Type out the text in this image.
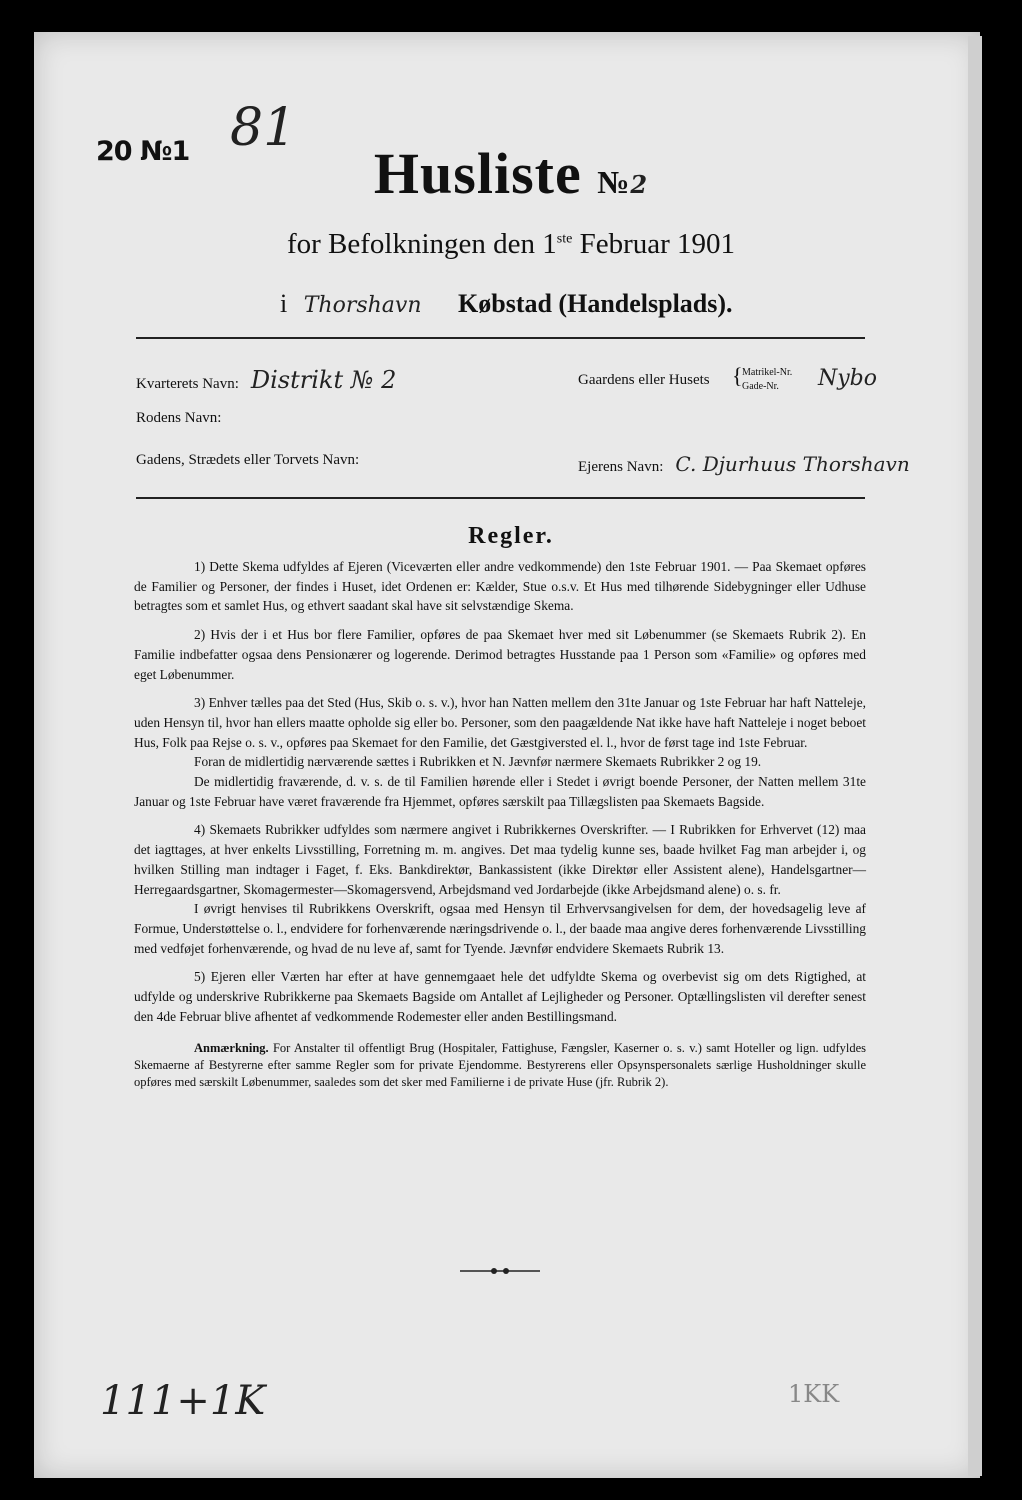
20 №1 81
Husliste №2
for Befolkningen den 1ste Februar 1901
i Thorshavn Købstad (Handelsplads).
Kvarterets Navn: Distrikt № 2
Rodens Navn:
Gadens, Strædets eller Torvets Navn:
Gaardens eller Husets { Matrikel-Nr.
Gade-Nr. Nybo
Ejerens Navn: C. Djurhuus Thorshavn
Regler.

1) Dette Skema udfyldes af Ejeren (Viceværten eller andre vedkommende) den 1ste Februar 1901. — Paa Skemaet opføres de Familier og Personer, der findes i Huset, idet Ordenen er: Kælder, Stue o.s.v. Et Hus med tilhørende Sidebygninger eller Udhuse betragtes som et samlet Hus, og ethvert saadant skal have sit selvstændige Skema.

2) Hvis der i et Hus bor flere Familier, opføres de paa Skemaet hver med sit Løbenummer (se Skemaets Rubrik 2). En Familie indbefatter ogsaa dens Pensionærer og logerende. Derimod betragtes Husstande paa 1 Person som «Familie» og opføres med eget Løbenummer.

3) Enhver tælles paa det Sted (Hus, Skib o. s. v.), hvor han Natten mellem den 31te Januar og 1ste Februar har haft Natteleje, uden Hensyn til, hvor han ellers maatte opholde sig eller bo. Personer, som den paagældende Nat ikke have haft Natteleje i noget beboet Hus, Folk paa Rejse o. s. v., opføres paa Skemaet for den Familie, det Gæstgiversted el. l., hvor de først tage ind 1ste Februar.

Foran de midlertidig nærværende sættes i Rubrikken et N. Jævnfør nærmere Skemaets Rubrikker 2 og 19.

De midlertidig fraværende, d. v. s. de til Familien hørende eller i Stedet i øvrigt boende Personer, der Natten mellem 31te Januar og 1ste Februar have været fraværende fra Hjemmet, opføres særskilt paa Tillægslisten paa Skemaets Bagside.

4) Skemaets Rubrikker udfyldes som nærmere angivet i Rubrikkernes Overskrifter. — I Rubrikken for Erhvervet (12) maa det iagttages, at hver enkelts Livsstilling, Forretning m. m. angives. Det maa tydelig kunne ses, baade hvilket Fag man arbejder i, og hvilken Stilling man indtager i Faget, f. Eks. Bankdirektør, Bankassistent (ikke Direktør eller Assistent alene), Handelsgartner—Herregaardsgartner, Skomagermester—Skomagersvend, Arbejdsmand ved Jordarbejde (ikke Arbejdsmand alene) o. s. fr.

I øvrigt henvises til Rubrikkens Overskrift, ogsaa med Hensyn til Erhvervsangivelsen for dem, der hovedsagelig leve af Formue, Understøttelse o. l., endvidere for forhenværende næringsdrivende o. l., der baade maa angive deres forhenværende Livsstilling med vedføjet forhenværende, og hvad de nu leve af, samt for Tyende. Jævnfør endvidere Skemaets Rubrik 13.

5) Ejeren eller Værten har efter at have gennemgaaet hele det udfyldte Skema og overbevist sig om dets Rigtighed, at udfylde og underskrive Rubrikkerne paa Skemaets Bagside om Antallet af Lejligheder og Personer. Optællingslisten vil derefter senest den 4de Februar blive afhentet af vedkommende Rodemester eller anden Bestillingsmand.

Anmærkning. For Anstalter til offentligt Brug (Hospitaler, Fattighuse, Fængsler, Kaserner o. s. v.) samt Hoteller og lign. udfyldes Skemaerne af Bestyrerne efter samme Regler som for private Ejendomme. Bestyrerens eller Opsynspersonalets særlige Husholdninger skulle opføres med særskilt Løbenummer, saaledes som det sker med Familierne i de private Huse (jfr. Rubrik 2).

111+1K	1KK
